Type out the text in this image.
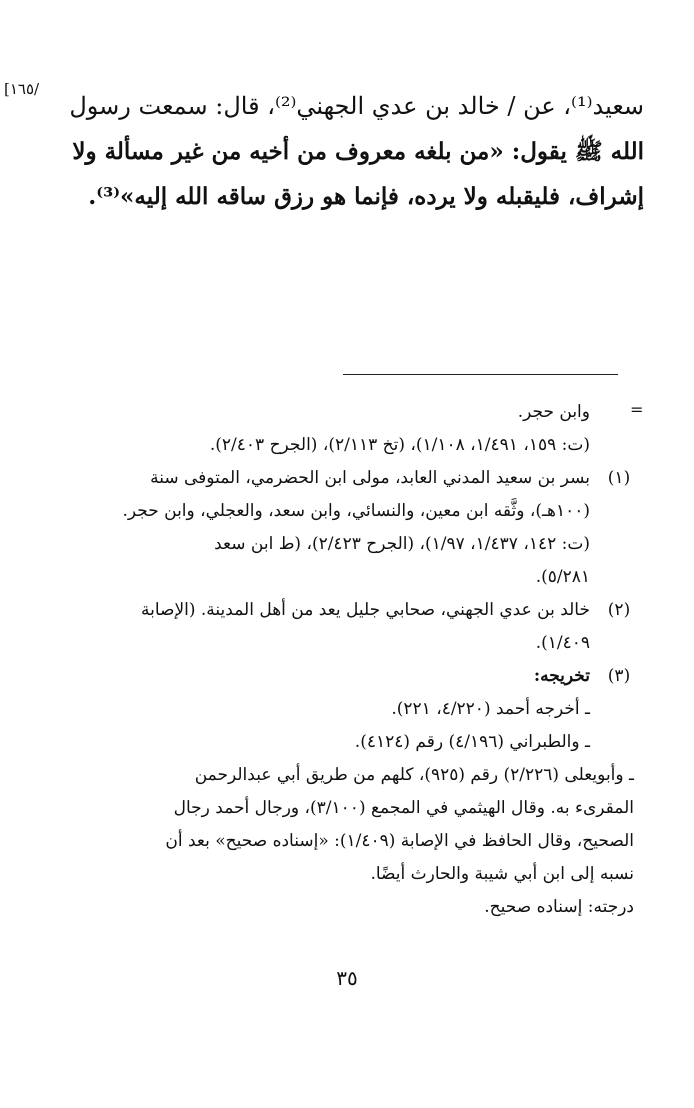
[١٦٥/
سعيد⁽¹⁾، عن / خالد بن عدي الجهني⁽²⁾، قال: سمعت رسول
الله ﷺ يقول: «من بلغه معروف من أخيه من غير مسألة ولا
إشراف، فليقبله ولا يرده، فإنما هو رزق ساقه الله إليه»⁽³⁾.
=
وابن حجر.
(ت: ١٥٩، ١/٤٩١، ١/١٠٨)، (تخ ٢/١١٣)، (الجرح ٢/٤٠٣).
(١)
بسر بن سعيد المدني العابد، مولى ابن الحضرمي، المتوفى سنة
(١٠٠هـ)، وثَّقه ابن معين، والنسائي، وابن سعد، والعجلي، وابن حجر.
(ت: ١٤٢، ١/٤٣٧، ١/٩٧)، (الجرح ٢/٤٢٣)، (ط ابن سعد
٥/٢٨١).
(٢)
خالد بن عدي الجهني، صحابي جليل يعد من أهل المدينة. (الإصابة
١/٤٠٩).
(٣)
تخريجه:
ـ أخرجه أحمد (٤/٢٢٠، ٢٢١).
ـ والطبراني (٤/١٩٦) رقم (٤١٢٤).
ـ وأبويعلى (٢/٢٢٦) رقم (٩٢٥)، كلهم من طريق أبي عبدالرحمن
المقرىء به. وقال الهيثمي في المجمع (٣/١٠٠)، ورجال أحمد رجال
الصحيح، وقال الحافظ في الإصابة (١/٤٠٩): «إسناده صحيح» بعد أن
نسبه إلى ابن أبي شيبة والحارث أيضًا.
درجته: إسناده صحيح.
٣٥
